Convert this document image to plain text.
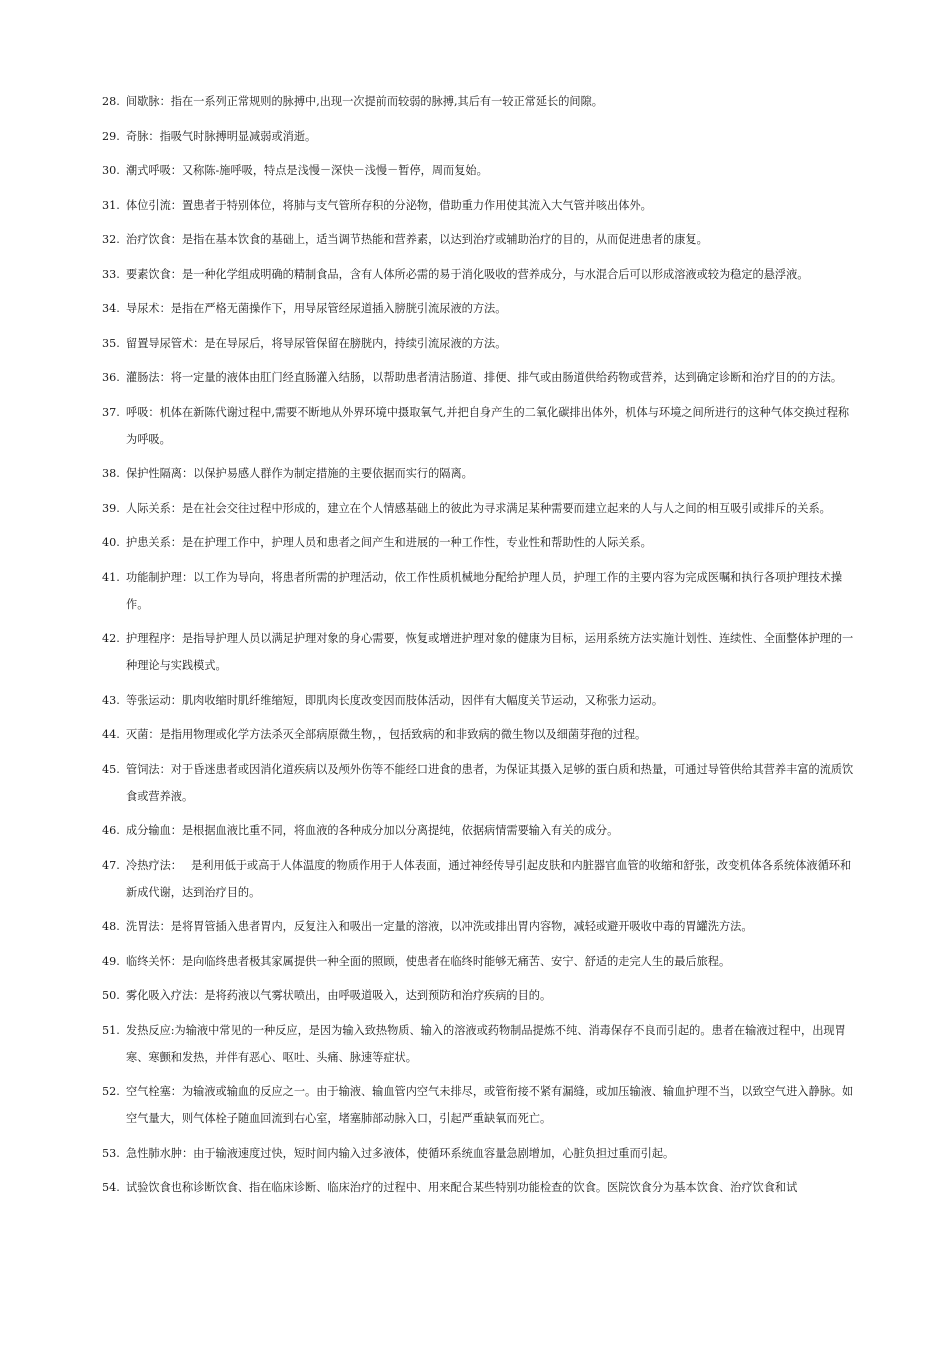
28. 间歇脉：指在一系列正常规则的脉搏中,出现一次提前而较弱的脉搏,其后有一较正常延长的间隙。
29. 奇脉：指吸气时脉搏明显减弱或消逝。
30. 潮式呼吸：又称陈-施呼吸，特点是浅慢－深快－浅慢－暂停，周而复始。
31. 体位引流：置患者于特别体位，将肺与支气管所存积的分泌物，借助重力作用使其流入大气管并咳出体外。
32. 治疗饮食：是指在基本饮食的基础上，适当调节热能和营养素，以达到治疗或辅助治疗的目的，从而促进患者的康复。
33. 要素饮食：是一种化学组成明确的精制食品，含有人体所必需的易于消化吸收的营养成分，与水混合后可以形成溶液或较为稳定的悬浮液。
34. 导尿术：是指在严格无菌操作下，用导尿管经尿道插入膀胱引流尿液的方法。
35. 留置导尿管术：是在导尿后，将导尿管保留在膀胱内，持续引流尿液的方法。
36. 灌肠法：将一定量的液体由肛门经直肠灌入结肠，以帮助患者清洁肠道、排便、排气或由肠道供给药物或营养，达到确定诊断和治疗目的的方法。
37. 呼吸：机体在新陈代谢过程中,需要不断地从外界环境中摄取氧气,并把自身产生的二氧化碳排出体外，机体与环境之间所进行的这种气体交换过程称为呼吸。
38. 保护性隔离：以保护易感人群作为制定措施的主要依据而实行的隔离。
39. 人际关系：是在社会交往过程中形成的，建立在个人情感基础上的彼此为寻求满足某种需要而建立起来的人与人之间的相互吸引或排斥的关系。
40. 护患关系：是在护理工作中，护理人员和患者之间产生和进展的一种工作性，专业性和帮助性的人际关系。
41. 功能制护理：以工作为导向，将患者所需的护理活动，依工作性质机械地分配给护理人员，护理工作的主要内容为完成医嘱和执行各项护理技术操作。
42. 护理程序：是指导护理人员以满足护理对象的身心需要，恢复或增进护理对象的健康为目标，运用系统方法实施计划性、连续性、全面整体护理的一种理论与实践模式。
43. 等张运动：肌肉收缩时肌纤维缩短，即肌肉长度改变因而肢体活动，因伴有大幅度关节运动，又称张力运动。
44. 灭菌：是指用物理或化学方法杀灭全部病原微生物，，包括致病的和非致病的微生物以及细菌芽孢的过程。
45. 管饲法：对于昏迷患者或因消化道疾病以及颅外伤等不能经口进食的患者，为保证其摄入足够的蛋白质和热量，可通过导管供给其营养丰富的流质饮食或营养液。
46. 成分输血：是根据血液比重不同，将血液的各种成分加以分离提纯，依据病情需要输入有关的成分。
47. 冷热疗法：　 是利用低于或高于人体温度的物质作用于人体表面，通过神经传导引起皮肤和内脏器官血管的收缩和舒张，改变机体各系统体液循环和新成代谢，达到治疗目的。
48. 洗胃法：是将胃管插入患者胃内，反复注入和吸出一定量的溶液，以冲洗或排出胃内容物，减轻或避开吸收中毒的胃罐洗方法。
49. 临终关怀：是向临终患者极其家属提供一种全面的照顾，使患者在临终时能够无痛苦、安宁、舒适的走完人生的最后旅程。
50. 雾化吸入疗法：是将药液以气雾状喷出，由呼吸道吸入，达到预防和治疗疾病的目的。
51. 发热反应:为输液中常见的一种反应，是因为输入致热物质、输入的溶液或药物制品提炼不纯、消毒保存不良而引起的。患者在输液过程中，出现胃寒、寒颤和发热，并伴有恶心、呕吐、头痛、脉速等症状。
52. 空气栓塞：为输液或输血的反应之一。由于输液、输血管内空气未排尽，或管衔接不紧有漏缝，或加压输液、输血护理不当，以致空气进入静脉。如空气量大，则气体栓子随血回流到右心室，堵塞肺部动脉入口，引起严重缺氧而死亡。
53. 急性肺水肿：由于输液速度过快，短时间内输入过多液体，使循环系统血容量急剧增加，心脏负担过重而引起。
54. 试验饮食也称诊断饮食、指在临床诊断、临床治疗的过程中、用来配合某些特别功能检查的饮食。医院饮食分为基本饮食、治疗饮食和试
